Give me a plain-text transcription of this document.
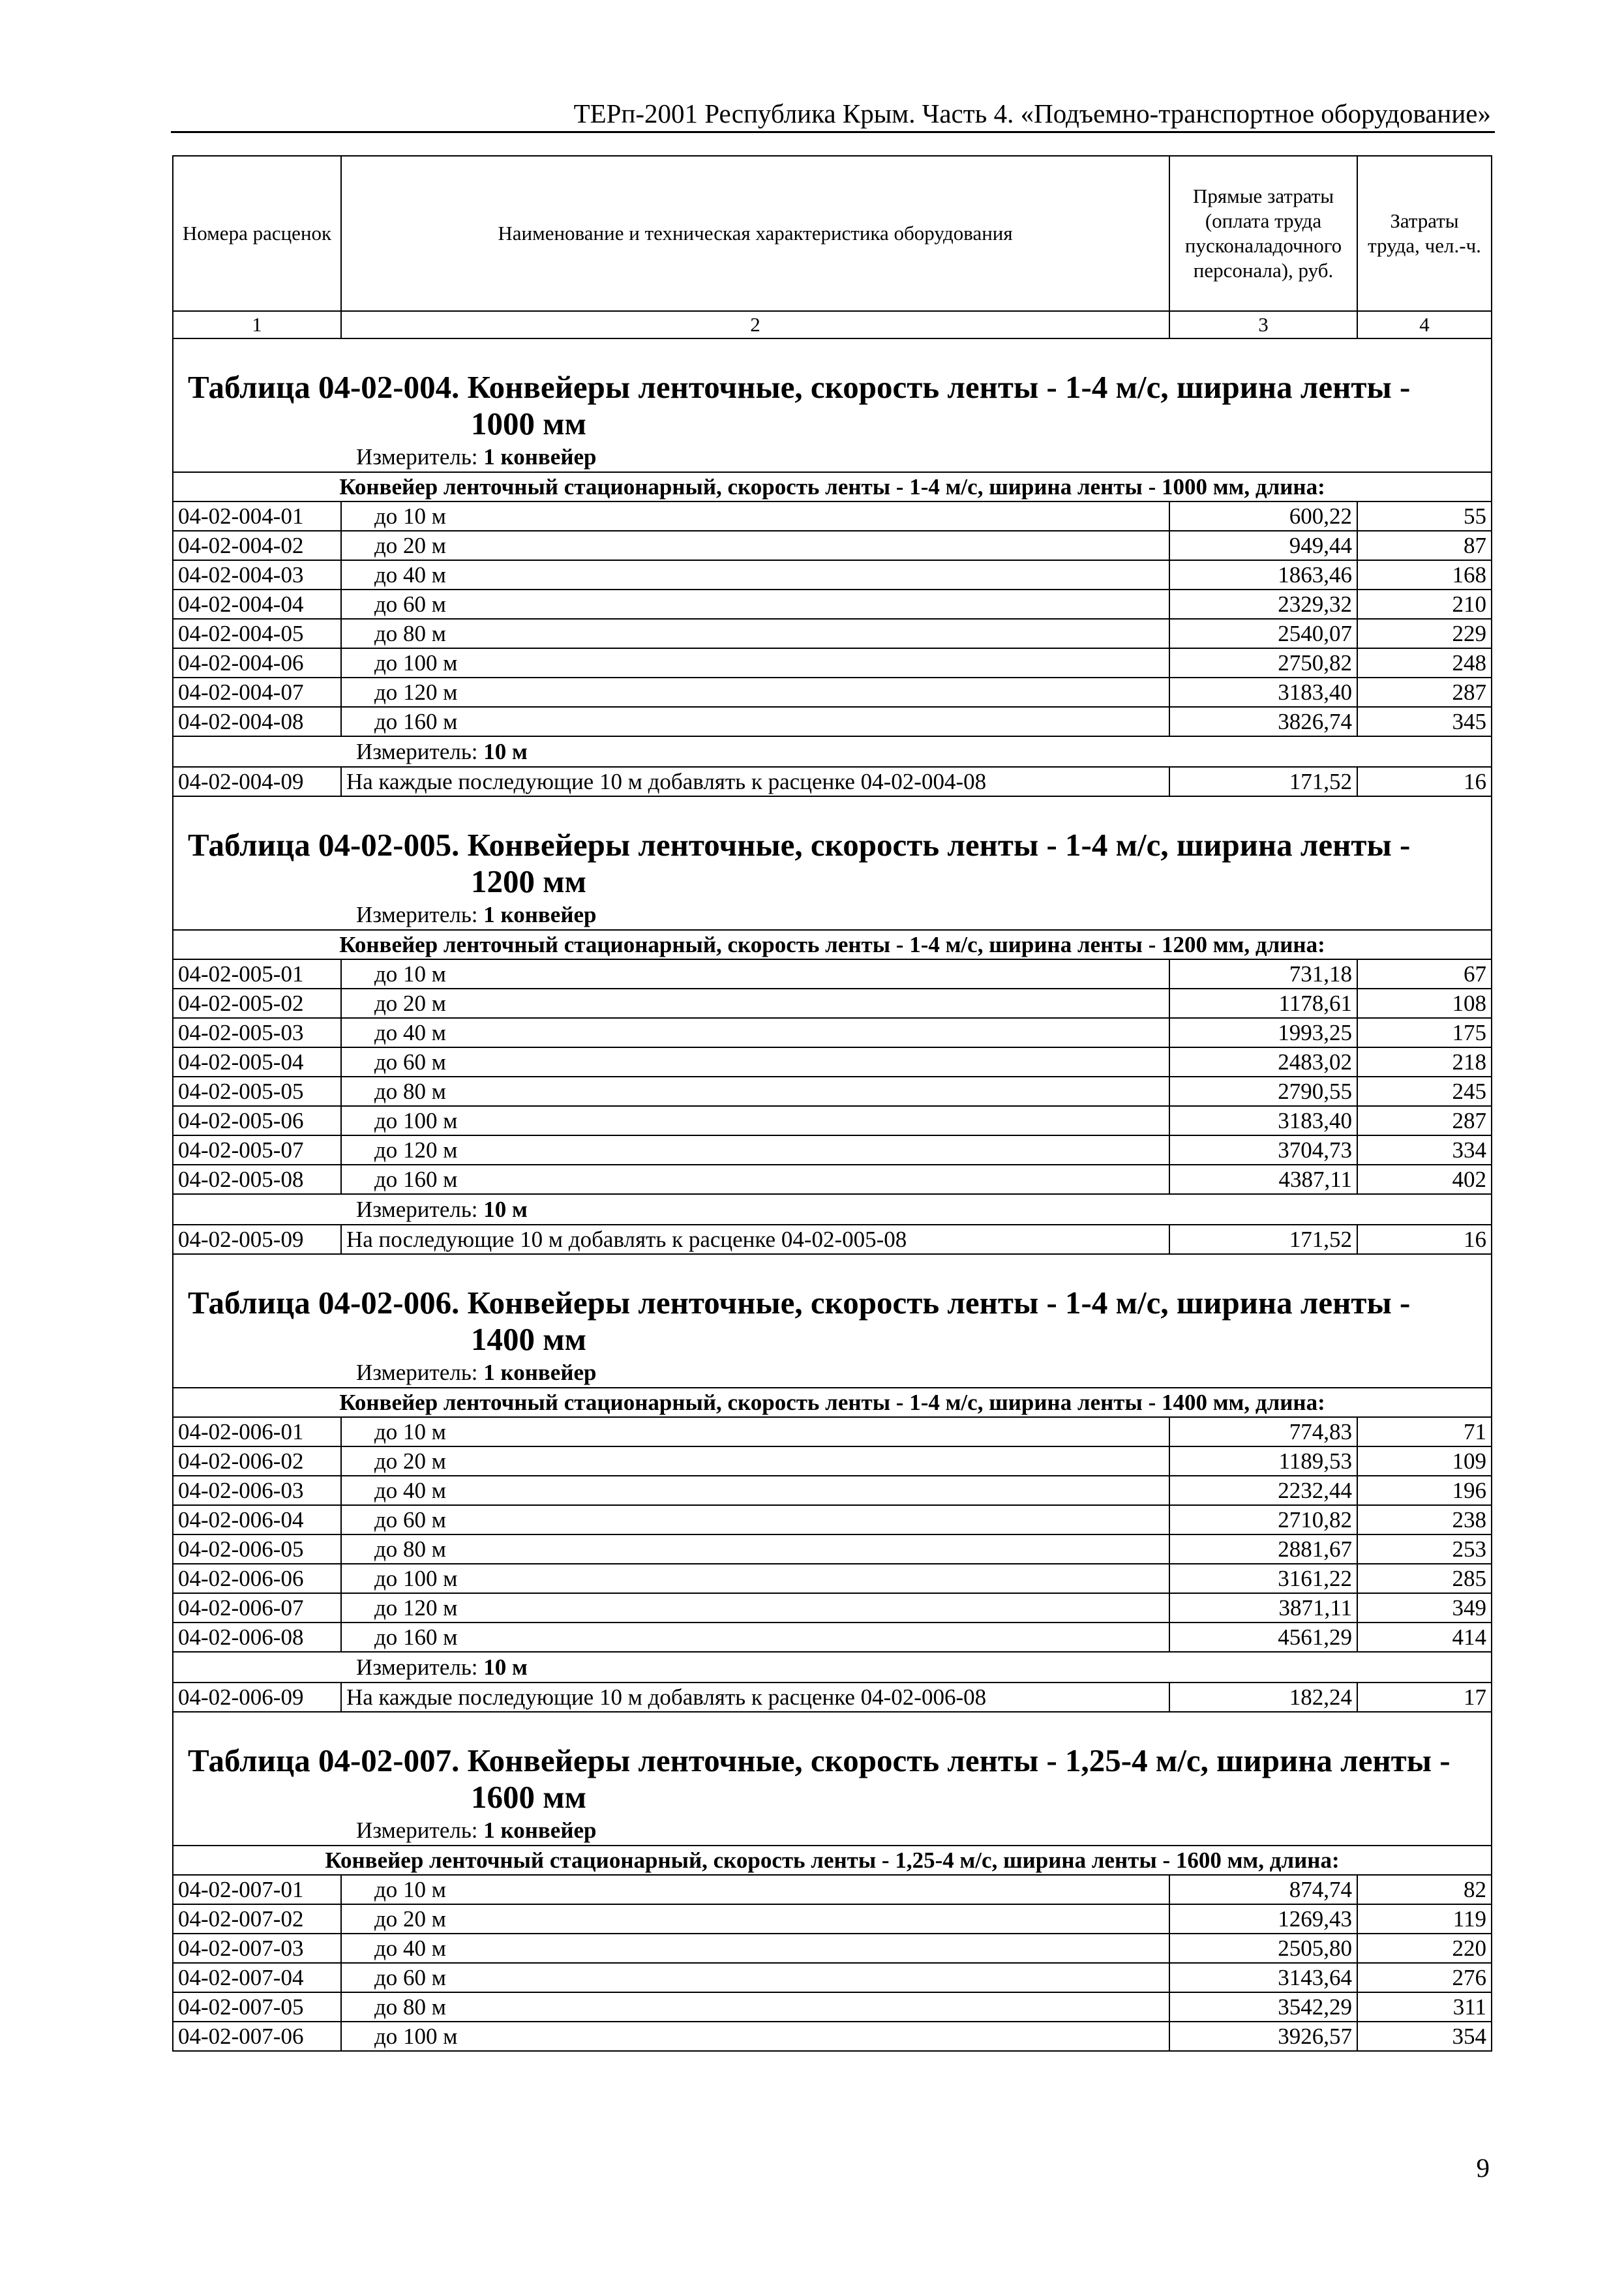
ТЕРп-2001 Республика Крым. Часть 4. «Подъемно-транспортное оборудование»
Номера расценок	Наименование и техническая характеристика оборудования	Прямые затраты (оплата труда пусконаладочного персонала), руб.	Затраты труда, чел.-ч.
1	2	3	4
Таблица 04-02-004. Конвейеры ленточные, скорость ленты - 1-4 м/с, ширина ленты -
1000 мм			
Измеритель: 1 конвейер			
Конвейер ленточный стационарный, скорость ленты - 1-4 м/с, ширина ленты - 1000 мм, длина:			
04-02-004-01	до 10 м	600,22	55
04-02-004-02	до 20 м	949,44	87
04-02-004-03	до 40 м	1863,46	168
04-02-004-04	до 60 м	2329,32	210
04-02-004-05	до 80 м	2540,07	229
04-02-004-06	до 100 м	2750,82	248
04-02-004-07	до 120 м	3183,40	287
04-02-004-08	до 160 м	3826,74	345
Измеритель: 10 м			
04-02-004-09	На каждые последующие 10 м добавлять к расценке 04-02-004-08	171,52	16
Таблица 04-02-005. Конвейеры ленточные, скорость ленты - 1-4 м/с, ширина ленты -
1200 мм			
Измеритель: 1 конвейер			
Конвейер ленточный стационарный, скорость ленты - 1-4 м/с, ширина ленты - 1200 мм, длина:			
04-02-005-01	до 10 м	731,18	67
04-02-005-02	до 20 м	1178,61	108
04-02-005-03	до 40 м	1993,25	175
04-02-005-04	до 60 м	2483,02	218
04-02-005-05	до 80 м	2790,55	245
04-02-005-06	до 100 м	3183,40	287
04-02-005-07	до 120 м	3704,73	334
04-02-005-08	до 160 м	4387,11	402
Измеритель: 10 м			
04-02-005-09	На последующие 10 м добавлять к расценке 04-02-005-08	171,52	16
Таблица 04-02-006. Конвейеры ленточные, скорость ленты - 1-4 м/с, ширина ленты -
1400 мм			
Измеритель: 1 конвейер			
Конвейер ленточный стационарный, скорость ленты - 1-4 м/с, ширина ленты - 1400 мм, длина:			
04-02-006-01	до 10 м	774,83	71
04-02-006-02	до 20 м	1189,53	109
04-02-006-03	до 40 м	2232,44	196
04-02-006-04	до 60 м	2710,82	238
04-02-006-05	до 80 м	2881,67	253
04-02-006-06	до 100 м	3161,22	285
04-02-006-07	до 120 м	3871,11	349
04-02-006-08	до 160 м	4561,29	414
Измеритель: 10 м			
04-02-006-09	На каждые последующие 10 м добавлять к расценке 04-02-006-08	182,24	17
Таблица 04-02-007. Конвейеры ленточные, скорость ленты - 1,25-4 м/с, ширина ленты -
1600 мм			
Измеритель: 1 конвейер			
Конвейер ленточный стационарный, скорость ленты - 1,25-4 м/с, ширина ленты - 1600 мм, длина:			
04-02-007-01	до 10 м	874,74	82
04-02-007-02	до 20 м	1269,43	119
04-02-007-03	до 40 м	2505,80	220
04-02-007-04	до 60 м	3143,64	276
04-02-007-05	до 80 м	3542,29	311
04-02-007-06	до 100 м	3926,57	354
9
